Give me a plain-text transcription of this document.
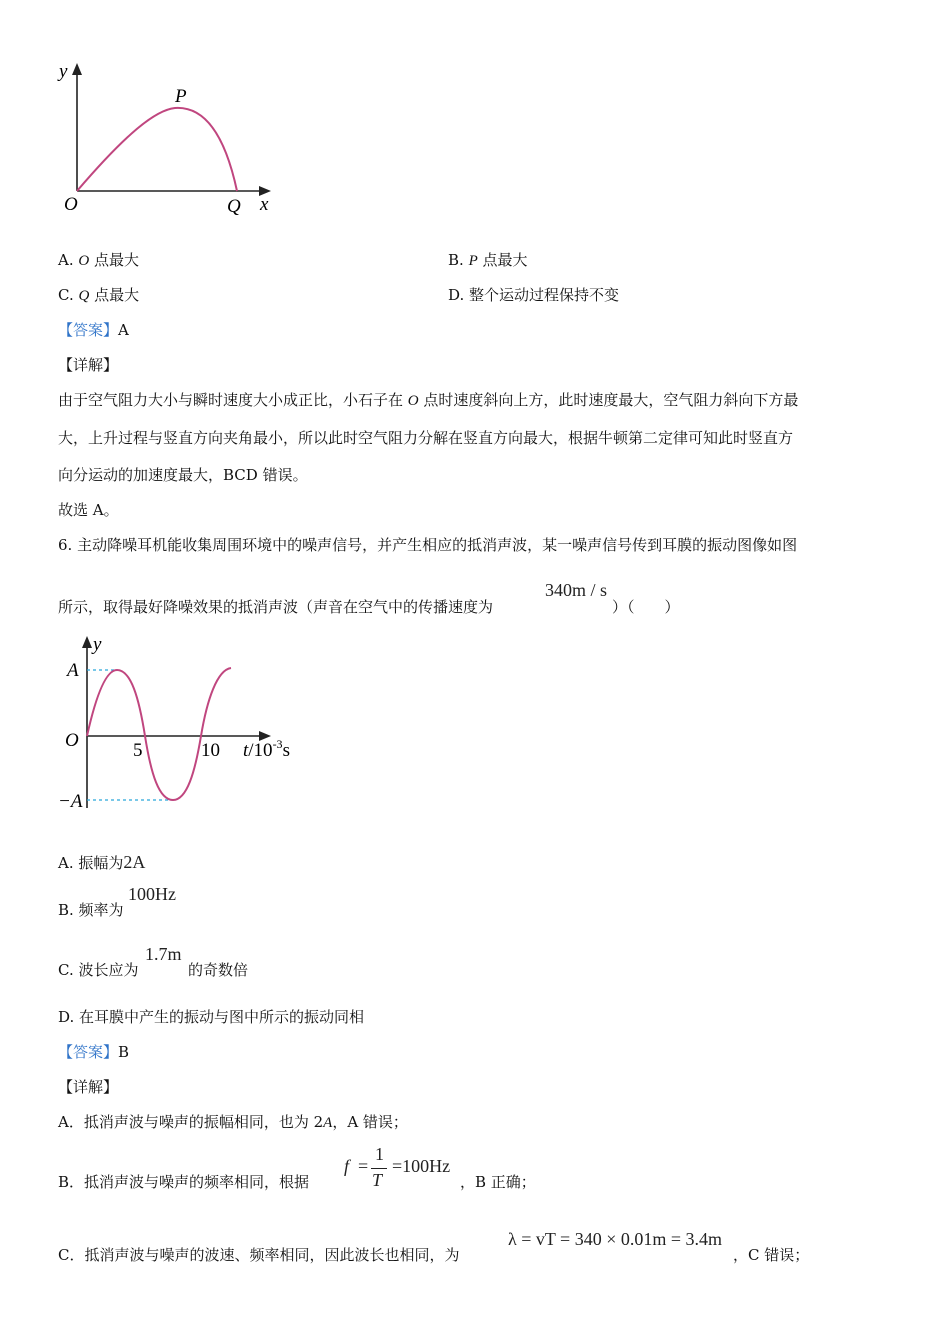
y
x
O
P
Q
A. O 点最大	B. P 点最大
C. Q 点最大	D. 整个运动过程保持不变
【答案】A
【详解】
由于空气阻力大小与瞬时速度大小成正比，小石子在 O 点时速度斜向上方，此时速度最大，空气阻力斜向下方最
大，上升过程与竖直方向夹角最小，所以此时空气阻力分解在竖直方向最大，根据牛顿第二定律可知此时竖直方
向分运动的加速度最大，BCD 错误。
故选 A。
6. 主动降噪耳机能收集周围环境中的噪声信号，并产生相应的抵消声波，某一噪声信号传到耳膜的振动图像如图
所示，取得最好降噪效果的抵消声波（声音在空气中的传播速度为
340m / s
）（　　）
y
A
−A
O	5	10 $t/10^{-3}s$
A. 振幅为2A
B. 频率为
100Hz
C. 波长应为
1.7m
的奇数倍
D. 在耳膜中产生的振动与图中所示的振动同相
【答案】B
【详解】
A．抵消声波与噪声的振幅相同，也为 2A，A 错误；
B．抵消声波与噪声的频率相同，根据
f =
1
T
=100Hz
，B 正确；
C．抵消声波与噪声的波速、频率相同，因此波长也相同，为
λ = vT = 340 × 0.01m = 3.4m
，C 错误；
